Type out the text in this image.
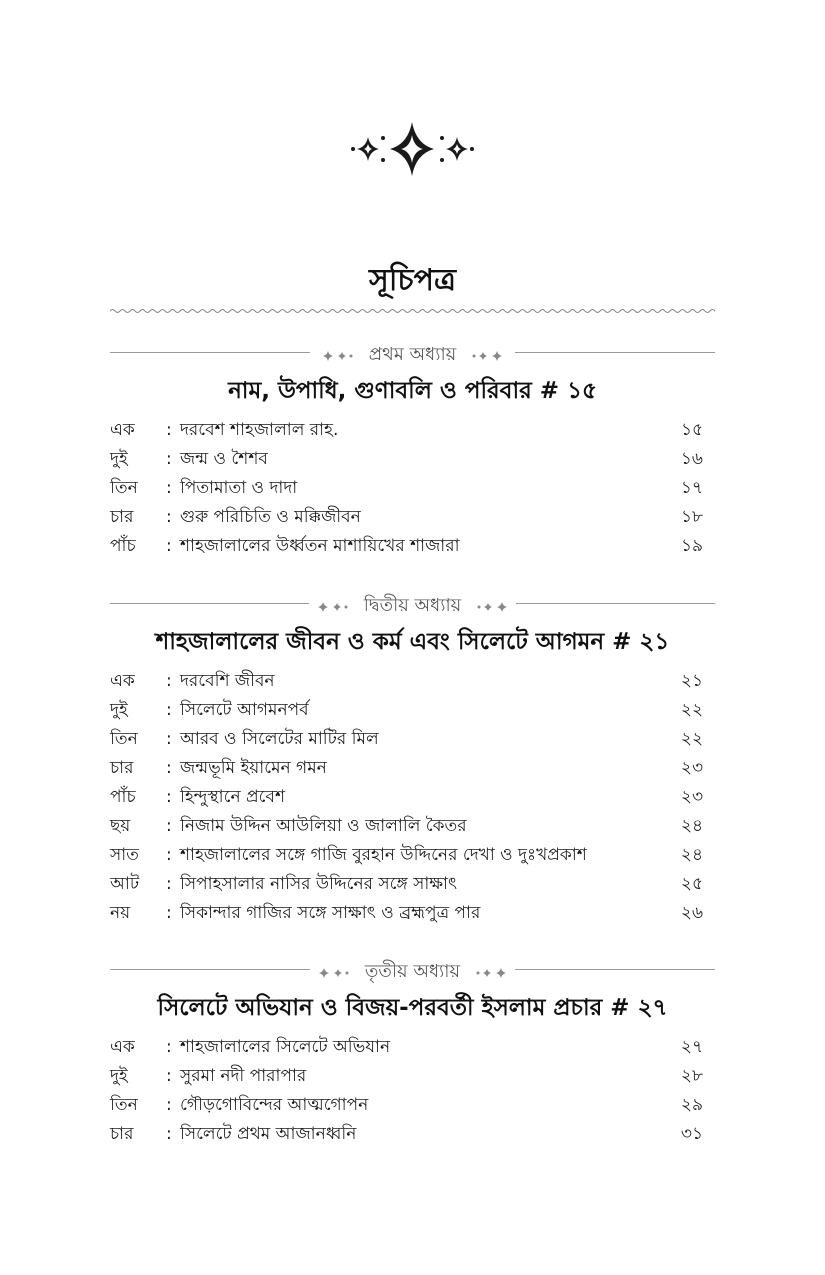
সূচিপত্র
প্রথম অধ্যায়
নাম, উপাধি, গুণাবলি ও পরিবার # ১৫
এক : দরবেশ শাহজালাল রাহ.	১৫
দুই : জন্ম ও শৈশব	১৬
তিন : পিতামাতা ও দাদা	১৭
চার : গুরু পরিচিতি ও মক্কিজীবন	১৮
পাঁচ : শাহজালালের উর্ধ্বতন মাশায়িখের শাজারা	১৯
দ্বিতীয় অধ্যায়
শাহজালালের জীবন ও কর্ম এবং সিলেটে আগমন # ২১
এক : দরবেশি জীবন	২১
দুই : সিলেটে আগমনপর্ব	২২
তিন : আরব ও সিলেটের মাটির মিল	২২
চার : জন্মভূমি ইয়ামেন গমন	২৩
পাঁচ : হিন্দুস্থানে প্রবেশ	২৩
ছয় : নিজাম উদ্দিন আউলিয়া ও জালালি কৈতর	২৪
সাত : শাহজালালের সঙ্গে গাজি বুরহান উদ্দিনের দেখা ও দুঃখপ্রকাশ	২৪
আট : সিপাহসালার নাসির উদ্দিনের সঙ্গে সাক্ষাৎ	২৫
নয় : সিকান্দার গাজির সঙ্গে সাক্ষাৎ ও ব্রহ্মপুত্র পার	২৬
তৃতীয় অধ্যায়
সিলেটে অভিযান ও বিজয়-পরবর্তী ইসলাম প্রচার # ২৭
এক : শাহজালালের সিলেটে অভিযান	২৭
দুই : সুরমা নদী পারাপার	২৮
তিন : গৌড়গোবিন্দের আত্মগোপন	২৯
চার : সিলেটে প্রথম আজানধ্বনি	৩১
